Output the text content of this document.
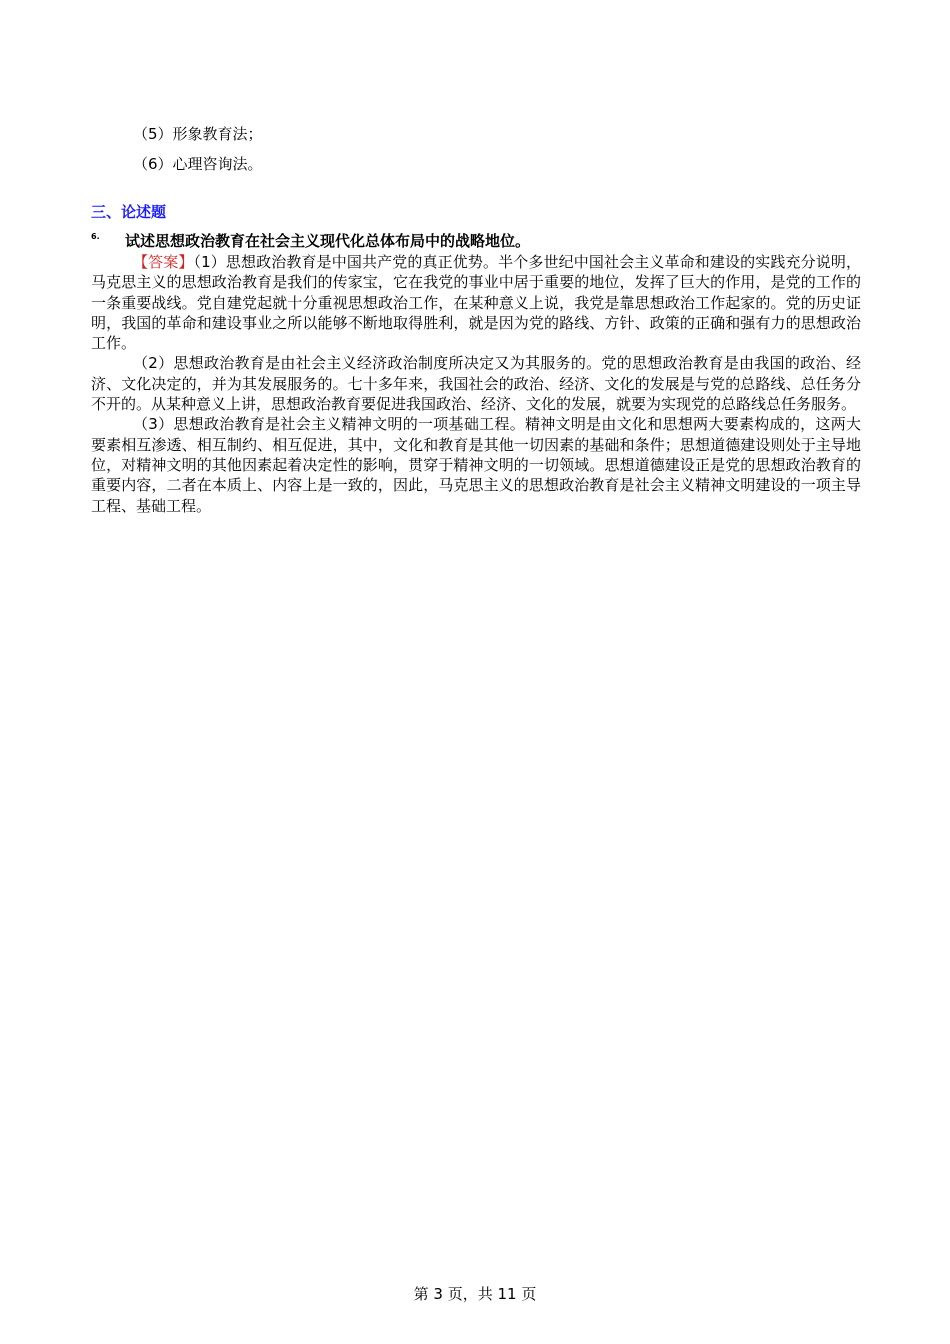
（5）形象教育法；
（6）心理咨询法。
三、论述题
6. 试述思想政治教育在社会主义现代化总体布局中的战略地位。

【答案】（1）思想政治教育是中国共产党的真正优势。半个多世纪中国社会主义革命和建设的实践充分说明，马克思主义的思想政治教育是我们的传家宝，它在我党的事业中居于重要的地位，发挥了巨大的作用，是党的工作的一条重要战线。党自建党起就十分重视思想政治工作，在某种意义上说，我党是靠思想政治工作起家的。党的历史证明，我国的革命和建设事业之所以能够不断地取得胜利，就是因为党的路线、方针、政策的正确和强有力的思想政治工作。

（2）思想政治教育是由社会主义经济政治制度所决定又为其服务的。党的思想政治教育是由我国的政治、经济、文化决定的，并为其发展服务的。七十多年来，我国社会的政治、经济、文化的发展是与党的总路线、总任务分不开的。从某种意义上讲，思想政治教育要促进我国政治、经济、文化的发展，就要为实现党的总路线总任务服务。

（3）思想政治教育是社会主义精神文明的一项基础工程。精神文明是由文化和思想两大要素构成的，这两大要素相互渗透、相互制约、相互促进，其中，文化和教育是其他一切因素的基础和条件；思想道德建设则处于主导地位，对精神文明的其他因素起着决定性的影响，贯穿于精神文明的一切领域。思想道德建设正是党的思想政治教育的重要内容，二者在本质上、内容上是一致的，因此，马克思主义的思想政治教育是社会主义精神文明建设的一项主导工程、基础工程。

第 3 页，共 11 页
